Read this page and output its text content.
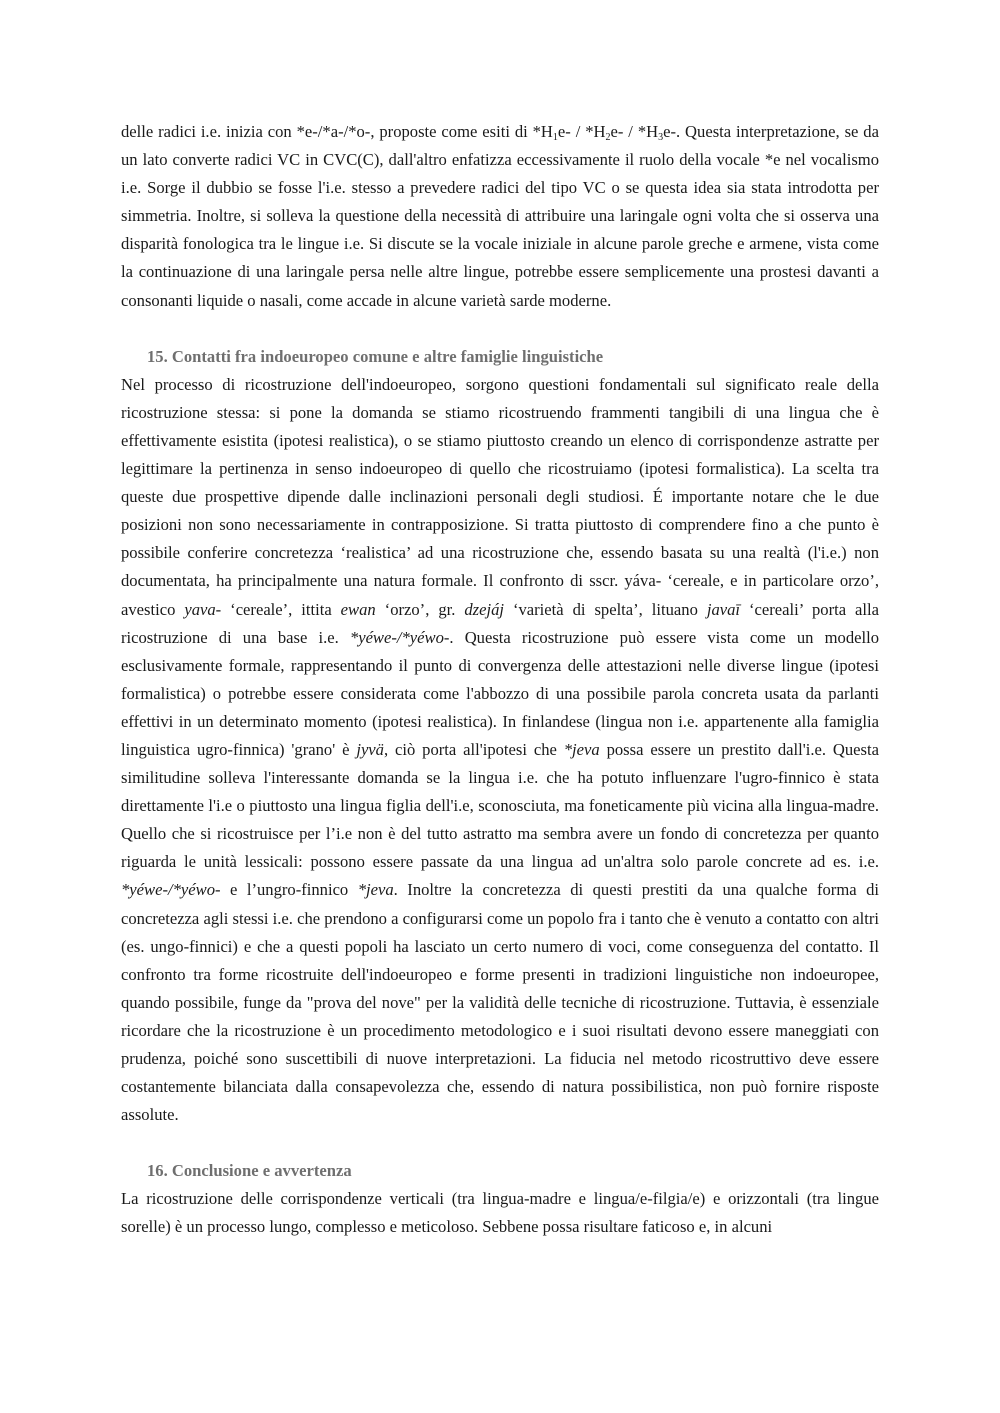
delle radici i.e. inizia con *e-/*a-/*o-, proposte come esiti di $*H_1e- / *H_2e- / *H_3e-$. Questa interpretazione, se da un lato converte radici VC in CVC(C), dall'altro enfatizza eccessivamente il ruolo della vocale *e nel vocalismo i.e. Sorge il dubbio se fosse l'i.e. stesso a prevedere radici del tipo VC o se questa idea sia stata introdotta per simmetria. Inoltre, si solleva la questione della necessità di attribuire una laringale ogni volta che si osserva una disparità fonologica tra le lingue i.e. Si discute se la vocale iniziale in alcune parole greche e armene, vista come la continuazione di una laringale persa nelle altre lingue, potrebbe essere semplicemente una prostesi davanti a consonanti liquide o nasali, come accade in alcune varietà sarde moderne.

15. Contatti fra indoeuropeo comune e altre famiglie linguistiche

Nel processo di ricostruzione dell'indoeuropeo, sorgono questioni fondamentali sul significato reale della ricostruzione stessa: si pone la domanda se stiamo ricostruendo frammenti tangibili di una lingua che è effettivamente esistita (ipotesi realistica), o se stiamo piuttosto creando un elenco di corrispondenze astratte per legittimare la pertinenza in senso indoeuropeo di quello che ricostruiamo (ipotesi formalistica). La scelta tra queste due prospettive dipende dalle inclinazioni personali degli studiosi. É importante notare che le due posizioni non sono necessariamente in contrapposizione. Si tratta piuttosto di comprendere fino a che punto è possibile conferire concretezza ‘realistica’ ad una ricostruzione che, essendo basata su una realtà (l'i.e.) non documentata, ha principalmente una natura formale. Il confronto di sscr. yáva- ‘cereale, e in particolare orzo’, avestico yava- ‘cereale’, ittita ewan ‘orzo’, gr. dzejáj ‘varietà di spelta’, lituano javaī ‘cereali’ porta alla ricostruzione di una base i.e. *yéwe-/*yéwo-. Questa ricostruzione può essere vista come un modello esclusivamente formale, rappresentando il punto di convergenza delle attestazioni nelle diverse lingue (ipotesi formalistica) o potrebbe essere considerata come l'abbozzo di una possibile parola concreta usata da parlanti effettivi in un determinato momento (ipotesi realistica). In finlandese (lingua non i.e. appartenente alla famiglia linguistica ugro-finnica) 'grano' è jyvä, ciò porta all'ipotesi che *jeva possa essere un prestito dall'i.e. Questa similitudine solleva l'interessante domanda se la lingua i.e. che ha potuto influenzare l'ugro-finnico è stata direttamente l'i.e o piuttosto una lingua figlia dell'i.e, sconosciuta, ma foneticamente più vicina alla lingua-madre. Quello che si ricostruisce per l’i.e non è del tutto astratto ma sembra avere un fondo di concretezza per quanto riguarda le unità lessicali: possono essere passate da una lingua ad un'altra solo parole concrete ad es. i.e. *yéwe-/*yéwo- e l’ungro-finnico *jeva. Inoltre la concretezza di questi prestiti da una qualche forma di concretezza agli stessi i.e. che prendono a configurarsi come un popolo fra i tanto che è venuto a contatto con altri (es. ungo-finnici) e che a questi popoli ha lasciato un certo numero di voci, come conseguenza del contatto. Il confronto tra forme ricostruite dell'indoeuropeo e forme presenti in tradizioni linguistiche non indoeuropee, quando possibile, funge da "prova del nove" per la validità delle tecniche di ricostruzione. Tuttavia, è essenziale ricordare che la ricostruzione è un procedimento metodologico e i suoi risultati devono essere maneggiati con prudenza, poiché sono suscettibili di nuove interpretazioni. La fiducia nel metodo ricostruttivo deve essere costantemente bilanciata dalla consapevolezza che, essendo di natura possibilistica, non può fornire risposte assolute.

16. Conclusione e avvertenza

La ricostruzione delle corrispondenze verticali (tra lingua-madre e lingua/e-filgia/e) e orizzontali (tra lingue sorelle) è un processo lungo, complesso e meticoloso. Sebbene possa risultare faticoso e, in alcuni
